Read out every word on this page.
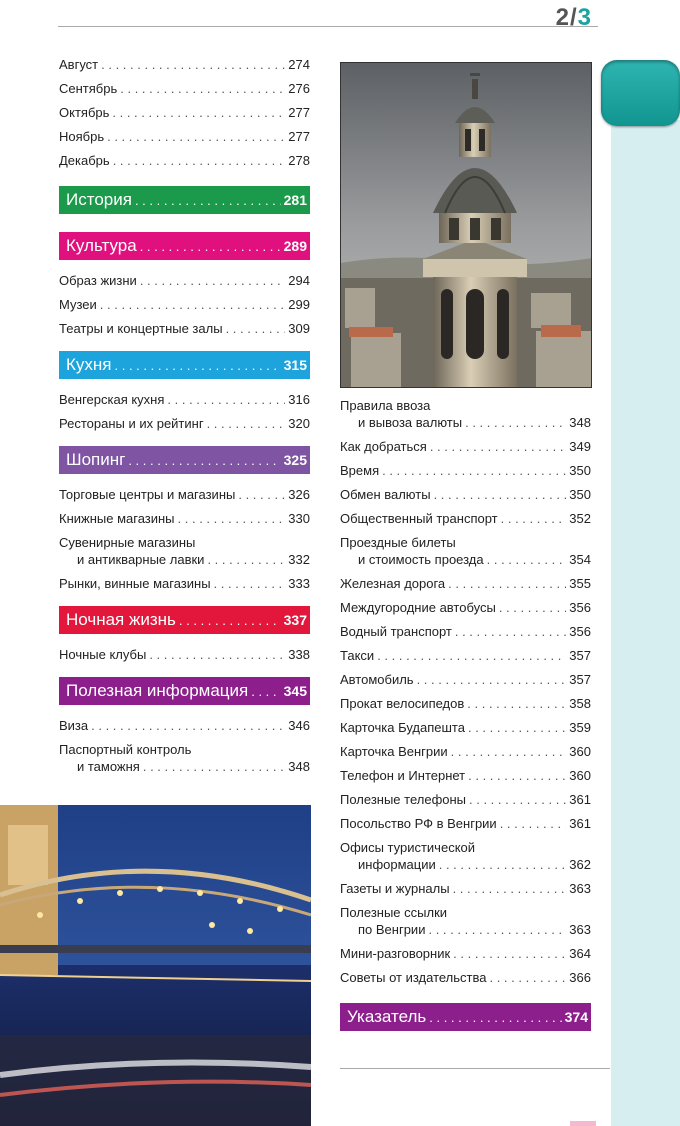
2/3
Август . . .	274
Сентябрь . . .	276
Октябрь . . .	277
Ноябрь . . .	277
Декабрь . . .	278
История . . .	281
Культура . . .	289
Образ жизни . . .	294
Музеи . . .	299
Театры и концертные залы . . .	309
Кухня . . .	315
Венгерская кухня . . .	316
Рестораны и их рейтинг . . .	320
Шопинг . . .	325
Торговые центры и магазины . . .	326
Книжные магазины . . .	330
Сувенирные магазины
и антикварные лавки . . .	332
Рынки, винные магазины . . .	333
Ночная жизнь . . .	337
Ночные клубы . . .	338
Полезная информация . . .	345
Виза . . .	346
Паспортный контроль
и таможня . . .	348
Правила ввоза
и вывоза валюты . . .	348
Как добраться . . .	349
Время . . .	350
Обмен валюты . . .	350
Общественный транспорт . . .	352
Проездные билеты
и стоимость проезда . . .	354
Железная дорога . . .	355
Междугородние автобусы . . .	356
Водный транспорт . . .	356
Такси . . .	357
Автомобиль . . .	357
Прокат велосипедов . . .	358
Карточка Будапешта . . .	359
Карточка Венгрии . . .	360
Телефон и Интернет . . .	360
Полезные телефоны . . .	361
Посольство РФ в Венгрии . . .	361
Офисы туристической
информации . . .	362
Газеты и журналы . . .	363
Полезные ссылки
по Венгрии . . .	363
Мини-разговорник . . .	364
Советы от издательства . . .	366
Указатель . . .	374
